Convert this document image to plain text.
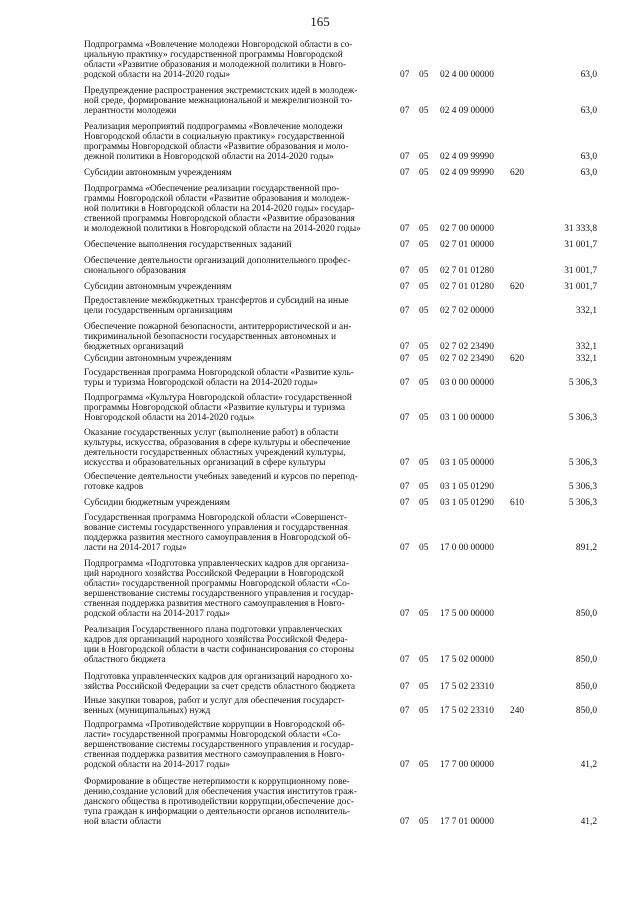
165
Подпрограмма «Вовлечение молодежи Новгородской области в со-
циальную практику» государственной программы Новгородской
области «Развитие образования и молодежной политики в Новго-
родской области на 2014-2020 годы»	07 05 02 4 00 00000	63,0
Предупреждение распространения экстремистских идей в молодеж-
ной среде, формирование межнациональной и межрелигиозной то-
лерантности молодежи	07 05 02 4 09 00000	63,0
Реализация мероприятий подпрограммы «Вовлечение молодежи
Новгородской области в социальную практику» государственной
программы Новгородской области «Развитие образования и моло-
дежной политики в Новгородской области на 2014-2020 годы»	07 05 02 4 09 99990	63,0
Субсидии автономным учреждениям	07 05 02 4 09 99990 620	63,0
Подпрограмма «Обеспечение реализации государственной про-
граммы Новгородской области «Развитие образования и молодеж-
ной политики в Новгородской области на 2014-2020 годы» государ-
ственной программы Новгородской области «Развитие образования
и молодежной политики в Новгородской области на 2014-2020 годы»	07 05 02 7 00 00000	31 333,8
Обеспечение выполнения государственных заданий	07 05 02 7 01 00000	31 001,7
Обеспечение деятельности организаций дополнительного профес-
сионального образования	07 05 02 7 01 01280	31 001,7
Субсидии автономным учреждениям	07 05 02 7 01 01280 620	31 001,7
Предоставление межбюджетных трансфертов и субсидий на иные
цели государственным организациям	07 05 02 7 02 00000	332,1
Обеспечение пожарной безопасности, антитеррористической и ан-
тикриминальной безопасности государственных автономных и
бюджетных организаций	07 05 02 7 02 23490	332,1
Субсидии автономным учреждениям	07 05 02 7 02 23490 620	332,1
Государственная программа Новгородской области «Развитие куль-
туры и туризма Новгородской области на 2014-2020 годы»	07 05 03 0 00 00000	5 306,3
Подпрограмма «Культура Новгородской области» государственной
программы Новгородской области «Развитие культуры и туризма
Новгородской области на 2014-2020 годы»	07 05 03 1 00 00000	5 306,3
Оказание государственных услуг (выполнение работ) в области
культуры, искусства, образования в сфере культуры и обеспечение
деятельности государственных областных учреждений культуры,
искусства и образовательных организаций в сфере культуры	07 05 03 1 05 00000	5 306,3
Обеспечение деятельности учебных заведений и курсов по перепод-
готовке кадров	07 05 03 1 05 01290	5 306,3
Субсидии бюджетным учреждениям	07 05 03 1 05 01290 610	5 306,3
Государственная программа Новгородской области «Совершенст-
вование системы государственного управления и государственная
поддержка развития местного самоуправления в Новгородской об-
ласти на 2014-2017 годы»	07 05 17 0 00 00000	891,2
Подпрограмма «Подготовка управленческих кадров для организа-
ций народного хозяйства Российской Федерации в Новгородской
области» государственной программы Новгородской области «Со-
вершенствование системы государственного управления и государ-
ственная поддержка развития местного самоуправления в Новго-
родской области на 2014-2017 годы»	07 05 17 5 00 00000	850,0
Реализация Государственного плана подготовки управленческих
кадров для организаций народного хозяйства Российской Федера-
ции в Новгородской области в части софинансирования со стороны
областного бюджета	07 05 17 5 02 00000	850,0
Подготовка управленческих кадров для организаций народного хо-
зяйства Российской Федерации за счет средств областного бюджета	07 05 17 5 02 23310	850,0
Иные закупки товаров, работ и услуг для обеспечения государст-
венных (муниципальных) нужд	07 05 17 5 02 23310 240	850,0
Подпрограмма «Противодействие коррупции в Новгородской об-
ласти» государственной программы Новгородской области «Со-
вершенствование системы государственного управления и государ-
ственная поддержка развития местного самоуправления в Новго-
родской области на 2014-2017 годы»	07 05 17 7 00 00000	41,2
Формирование в обществе нетерпимости к коррупционному пове-
дению,создание условий для обеспечения участия институтов граж-
данского общества в противодействии коррупции,обеспечение дос-
тупа граждан к информации о деятельности органов исполнитель-
ной власти области	07 05 17 7 01 00000	41,2
